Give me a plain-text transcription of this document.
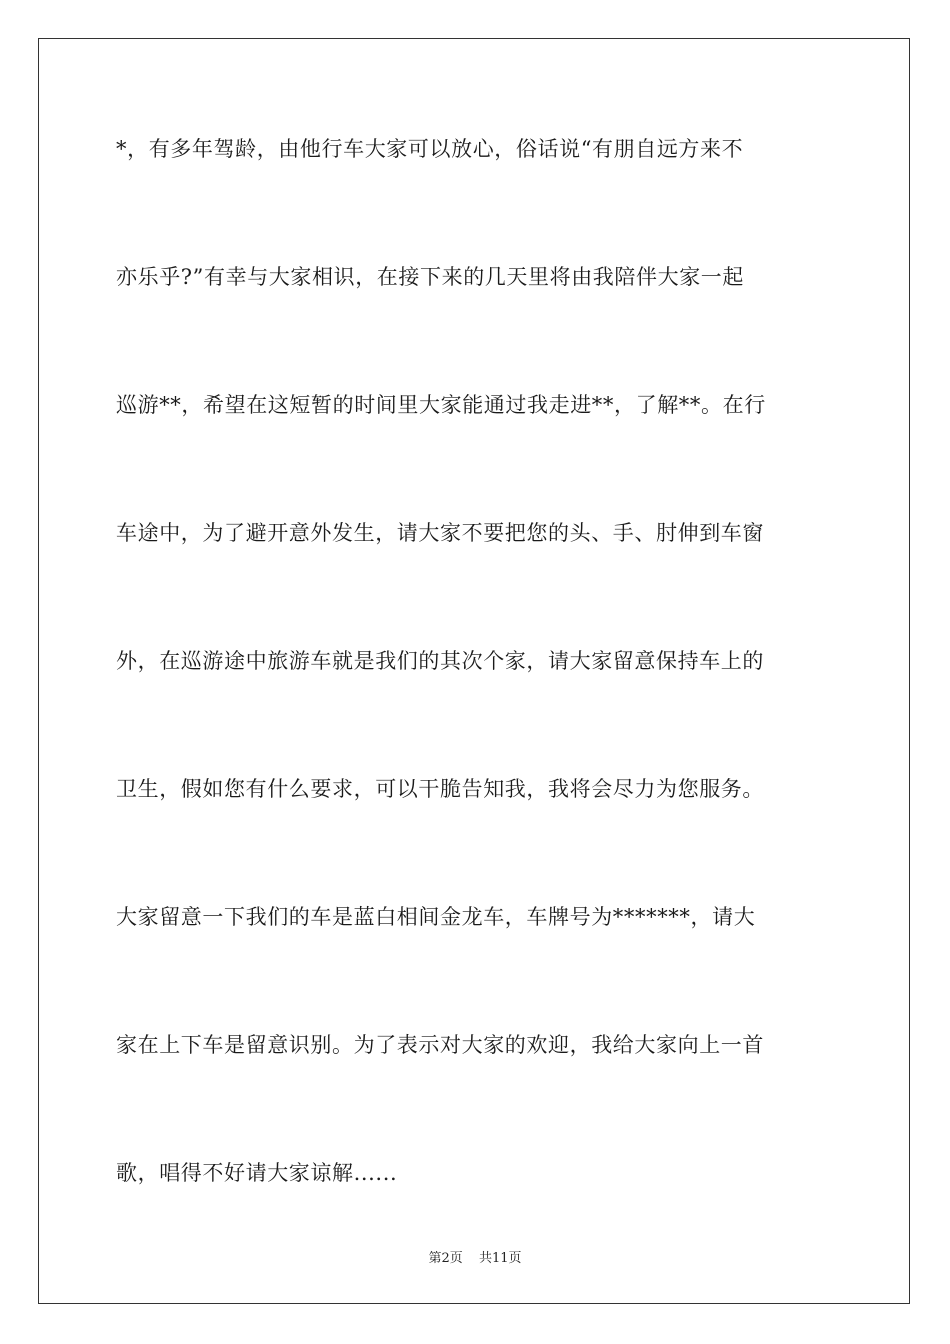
*，有多年驾龄，由他行车大家可以放心，俗话说“有朋自远方来不
亦乐乎?”有幸与大家相识，在接下来的几天里将由我陪伴大家一起
巡游**，希望在这短暂的时间里大家能通过我走进**，了解**。在行
车途中，为了避开意外发生，请大家不要把您的头、手、肘伸到车窗
外，在巡游途中旅游车就是我们的其次个家，请大家留意保持车上的
卫生，假如您有什么要求，可以干脆告知我，我将会尽力为您服务。
大家留意一下我们的车是蓝白相间金龙车，车牌号为*******，请大
家在上下车是留意识别。为了表示对大家的欢迎，我给大家向上一首
歌，唱得不好请大家谅解......
第2页 共11页
